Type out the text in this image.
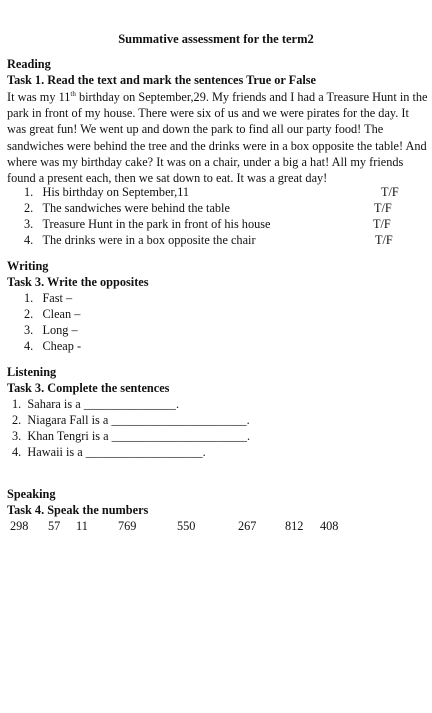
Summative assessment for the term2
Reading
Task 1. Read the text and mark the sentences True or False
It was my 11th birthday on September,29. My friends and I had a Treasure Hunt in the park in front of my house. There were six of us and we were pirates for the day. It was great fun! We went up and down the park to find all our party food! The sandwiches were behind the tree and the drinks were in a box opposite the table! And where was my birthday cake? It was on a chair, under a big a hat! All my friends found a present each, then we sat down to eat. It was a great day!
1. His birthday on September,11	T/F
2. The sandwiches were behind the table	T/F
3. Treasure Hunt in the park in front of his house	T/F
4. The drinks were in a box opposite the chair	T/F
Writing
Task 3. Write the opposites
1. Fast –
2. Clean –
3. Long –
4. Cheap -
Listening
Task 3. Complete the sentences
1. Sahara is a _______________.
2. Niagara Fall is a ______________________.
3. Khan Tengri is a ______________________.
4. Hawaii is a ___________________.
Speaking
Task 4. Speak the numbers
298 57 11 769	550	267 812 408
